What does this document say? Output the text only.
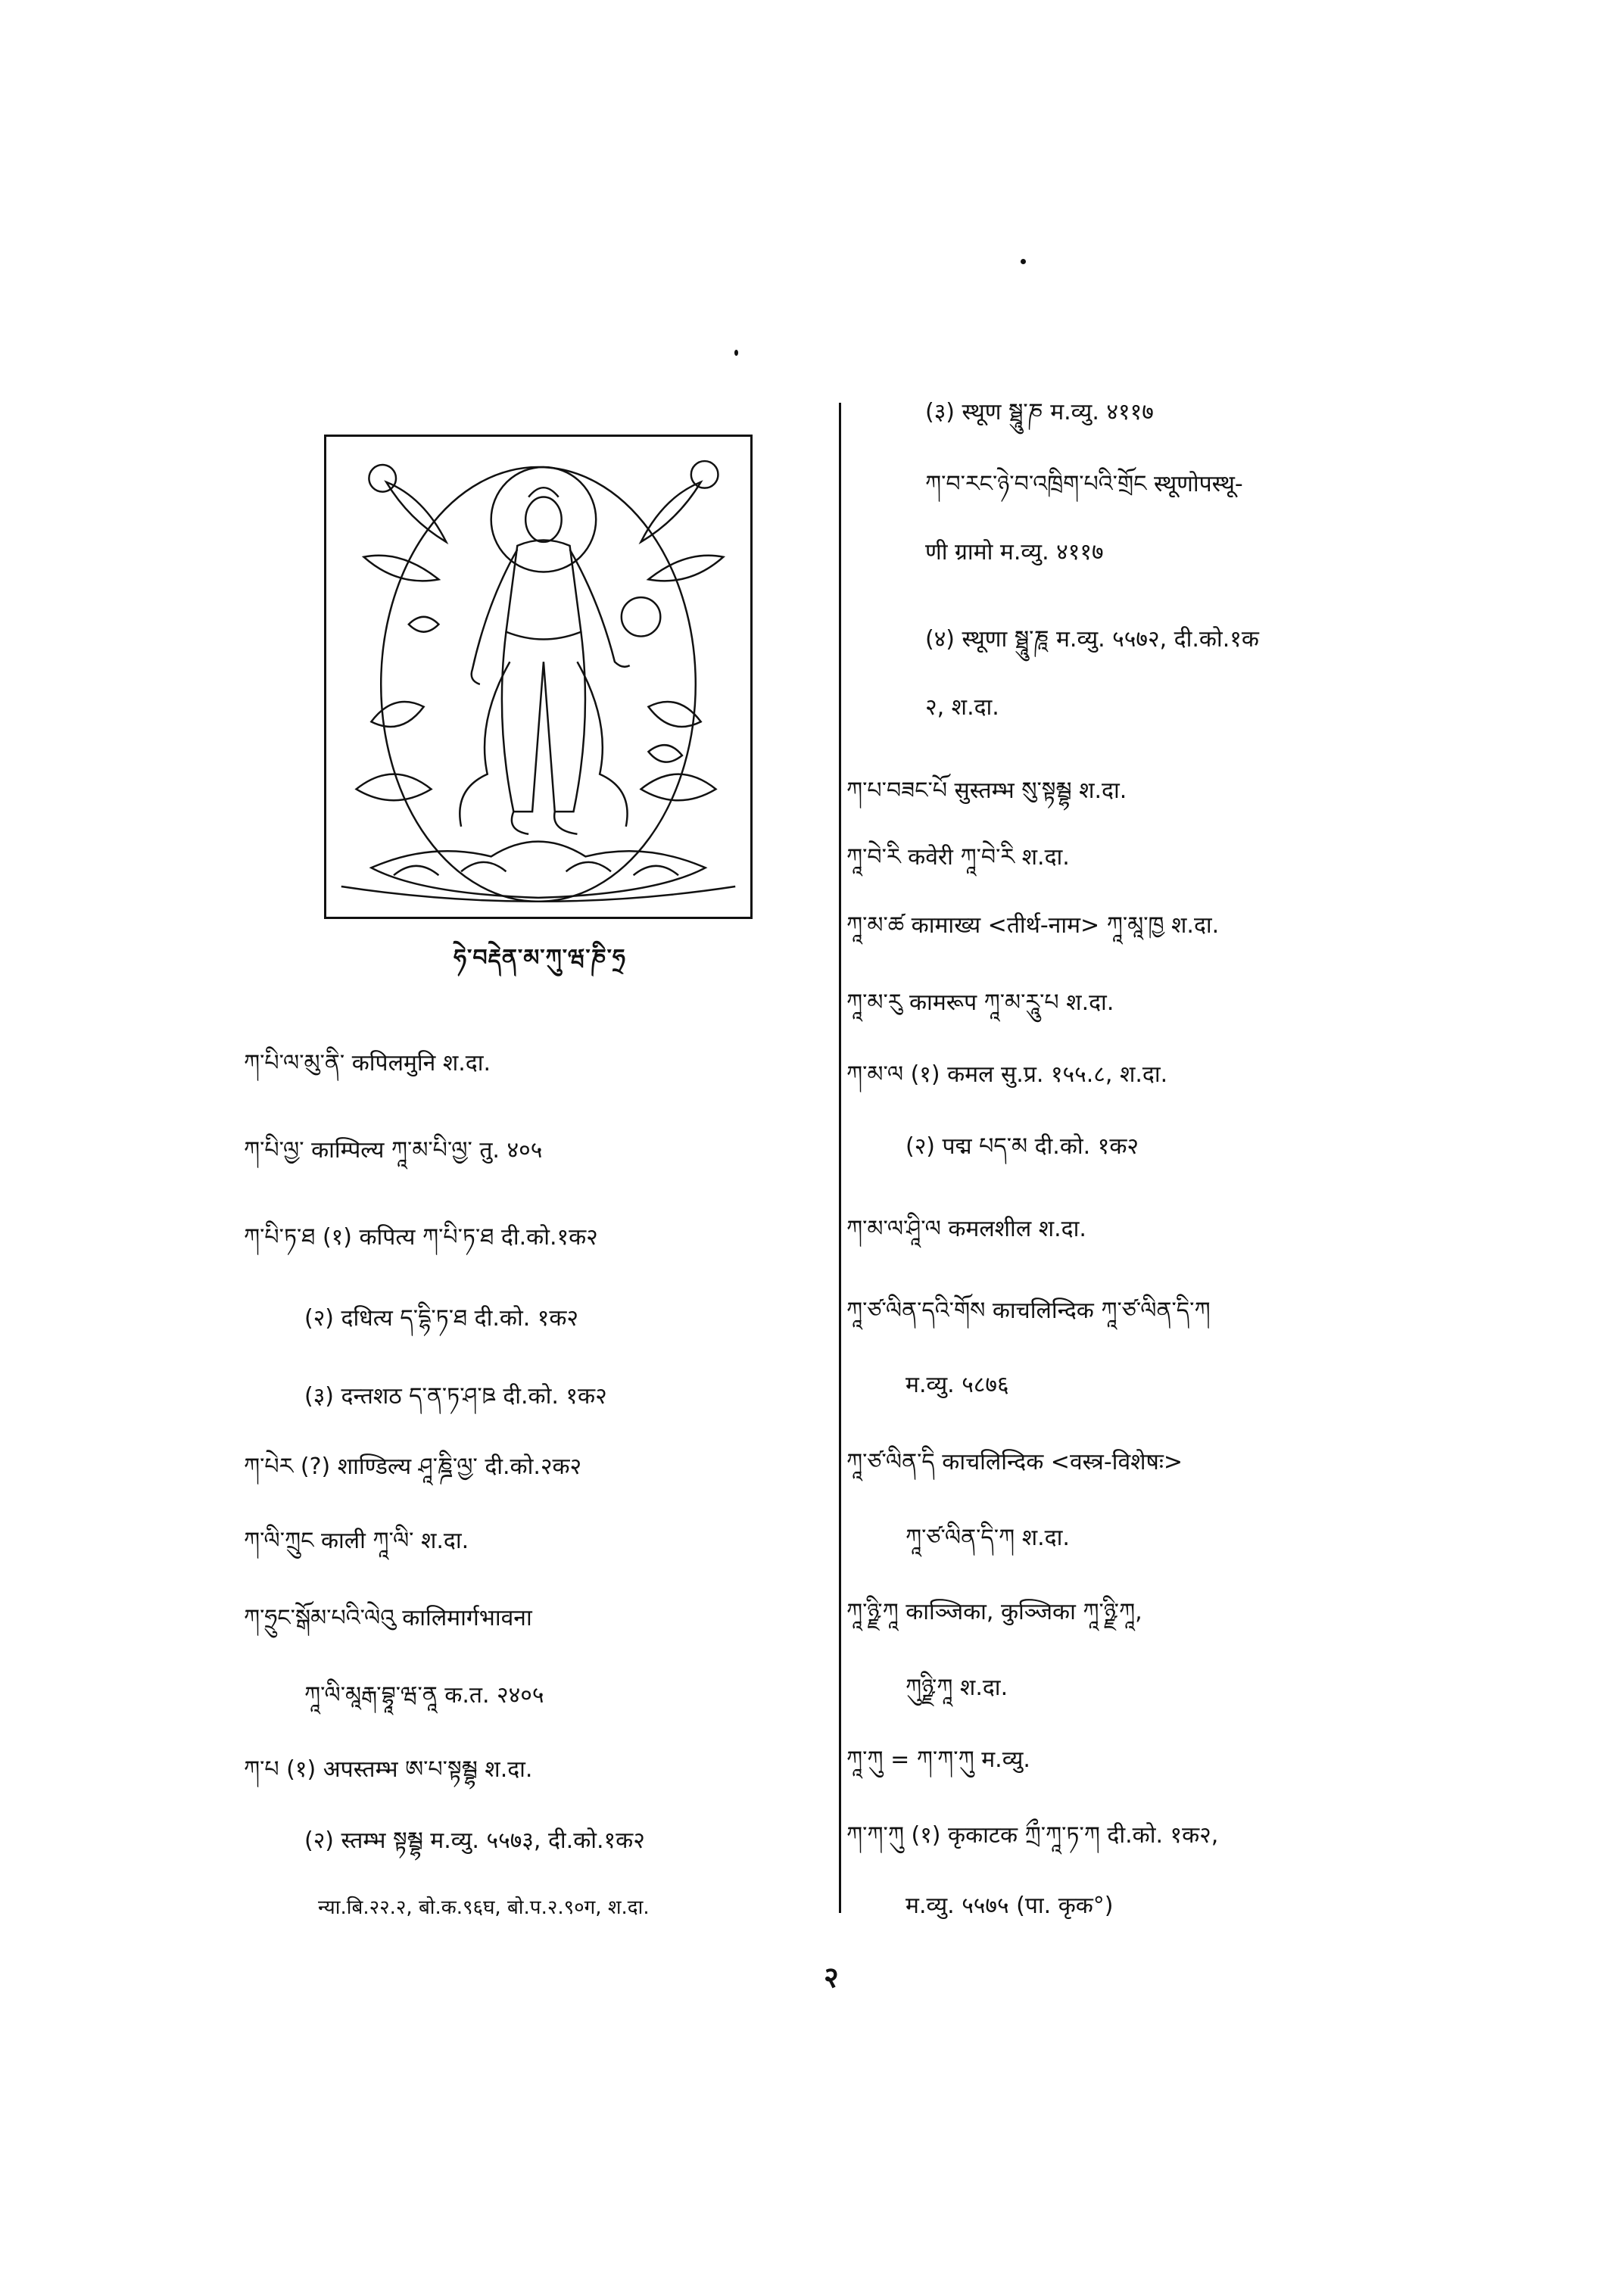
ཧེ་བརྡེན་མ་ཀུ་ཝ་ཎི་ཧྲ
ཀ་པི་ལ་མུ་ནི་ कपिलमुनि श.दा.
ཀ་པི་ལྱ་ काम्पिल्य ཀཱ་མ་པི་ལྱ་ तु. ४०५
ཀ་པི་ཏ་ཐ (१) कपित्य ཀ་པི་ཏ་ཐ दी.को.१क२
(२) दधित्य ད་དྷི་ཏ་ཐ दी.को. १क२
(३) दन्तशठ ད་ན་ཏ་ཤ་ཋ दी.को. १क२
ཀ་པེར (?) शाण्डिल्य ཤཱ་ཎྜི་ལྱ་ दी.को.२क२
ཀ་ལི་ཀྲུང काली ཀཱ་ལི་ श.दा.
ཀ་ཧྲུང་སྒོམ་པའི་ལེའུ कालिमार्गभावना
ཀཱ་ལི་མཱརྒ་བྷཱ་ཝ་ནཱ क.त. २४०५
ཀ་པ (१) अपस्तम्भ ཨ་པ་སྟམྦྷ श.दा.
(२) स्तम्भ སྟམྦྷ म.व्यु. ५५७३, दी.को.१क२
न्या.बि.२२.२, बो.क.९६घ, बो.प.२.९०ग, श.दा.
(३) स्थूण སྠཱུ་ཎ म.व्यु. ४११७
ཀ་བ་རང་ཉེ་བ་འཁྲིག་པའི་གྲོང स्थूणोपस्थू-
णी ग्रामो म.व्यु. ४११७
(४) स्थूणा སྠཱུ་ཎཱ म.व्यु. ५५७२, दी.को.१क
२, श.दा.
ཀ་པ་བཟང་པོ सुस्तम्भ སུ་སྟམྦྷ श.दा.
ཀཱ་བེ་རི कवेरी ཀཱ་བེ་རི श.दा.
ཀཱ་མ་ཚ कामाख्य <तीर्थ-नाम> ཀཱ་མཱ་ཁྱ श.दा.
ཀཱ་མ་རུ कामरूप ཀཱ་མ་རཱུ་པ श.दा.
ཀ་མ་ལ (१) कमल सु.प्र. १५५.८, श.दा.
(२) पद्म པད་མ दी.को. १क२
ཀ་མ་ལ་ཤཱི་ལ कमलशील श.दा.
ཀཱ་ཙ་ལིན་དའི་གོས काचलिन्दिक ཀཱ་ཙ་ལིན་དི་ཀ
म.व्यु. ५८७६
ཀཱ་ཙ་ལིན་དི काचलिन्दिक <वस्त्र-विशेषः>
ཀཱ་ཙ་ལིན་དི་ཀ श.दा.
ཀཱ་ཉྫི་ཀཱ काञ्जिका, कुञ्जिका ཀཱ་ཉྫི་ཀཱ,
ཀུཉྫི་ཀཱ श.दा.
ཀཱ་ཀུ = ཀ་ཀ་ཀུ म.व्यु.
ཀ་ཀ་ཀུ (१) कृकाटक ཀྲྀ་ཀཱ་ཏ་ཀ दी.को. १क२,
म.व्यु. ५५७५ (पा. कृक°)
२
